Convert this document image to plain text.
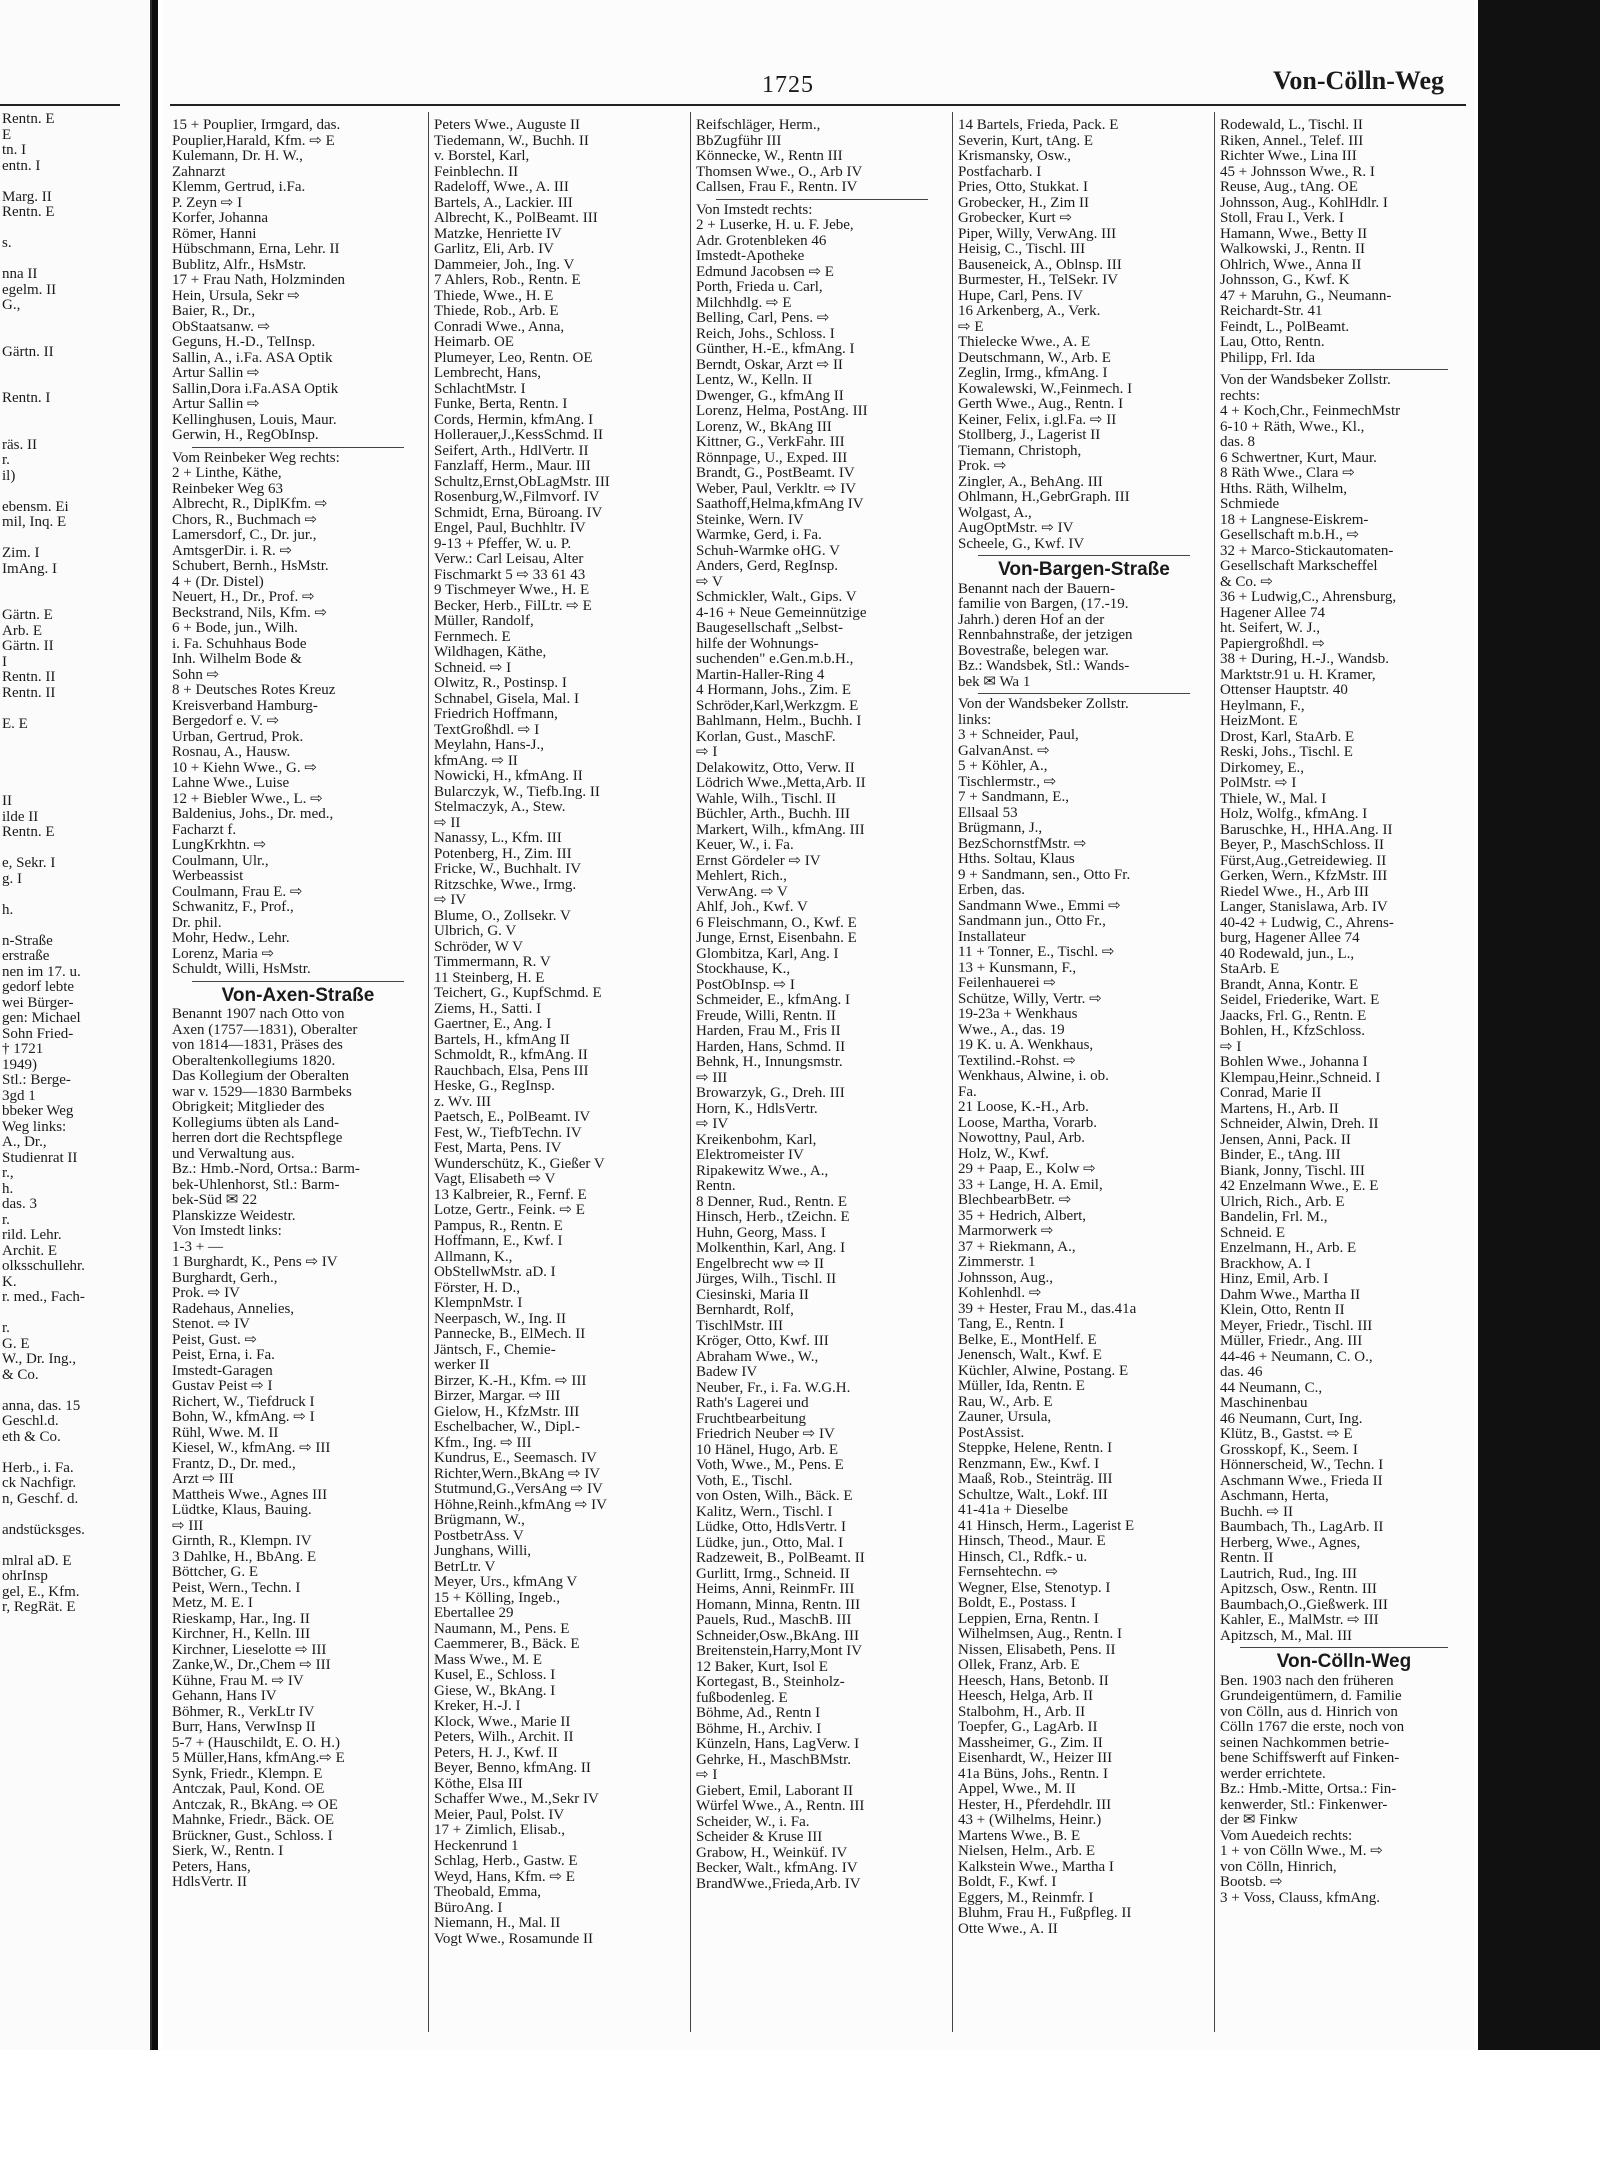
Rentn. E
E
tn. I
entn. I

Marg. II
Rentn. E

s.

nna II
egelm. II
G.,

Gärtn. II

Rentn. I

räs. II
r.
il)

ebensm. Ei
mil, Inq. E

Zim. I
ImAng. I

Gärtn. E
Arb. E
Gärtn. II
I
Rentn. II
Rentn. II

E. E

II
ilde II
Rentn. E

e, Sekr. I
g. I

h.

n-Straße
erstraße
nen im 17. u.
gedorf lebte
wei Bürger-
gen: Michael
Sohn Fried-
† 1721
1949)
Stl.: Berge-
3gd 1
bbeker Weg
Weg links:
A., Dr.,
Studienrat II
r.,
h.
das. 3
r.
rild. Lehr.
Archit. E
olksschullehr.
K.
r. med., Fach-

r.
G. E
W., Dr. Ing.,
& Co.

anna, das. 15
Geschl.d.
eth & Co.

Herb., i. Fa.
ck Nachfigr.
n, Geschf. d.

andstücksges.

mlral aD. E
ohrInsp
gel, E., Kfm.
r, RegRät. E
1725	Von-Cölln-Weg
15 + Pouplier, Irmgard, das.
Pouplier,Harald, Kfm. ⇨ E
Kulemann, Dr. H. W.,
Zahnarzt
Klemm, Gertrud, i.Fa.
P. Zeyn ⇨ I
Korfer, Johanna
Römer, Hanni
Hübschmann, Erna, Lehr. II
Bublitz, Alfr., HsMstr.
17 + Frau Nath, Holzminden
Hein, Ursula, Sekr ⇨
Baier, R., Dr.,
ObStaatsanw. ⇨
Geguns, H.-D., TelInsp.
Sallin, A., i.Fa. ASA Optik
Artur Sallin ⇨
Sallin,Dora i.Fa.ASA Optik
Artur Sallin ⇨
Kellinghusen, Louis, Maur.
Gerwin, H., RegObInsp.
Vom Reinbeker Weg rechts:
2 + Linthe, Käthe,
Reinbeker Weg 63
Albrecht, R., DiplKfm. ⇨
Chors, R., Buchmach ⇨
Lamersdorf, C., Dr. jur.,
AmtsgerDir. i. R. ⇨
Schubert, Bernh., HsMstr.
4 + (Dr. Distel)
Neuert, H., Dr., Prof. ⇨
Beckstrand, Nils, Kfm. ⇨
6 + Bode, jun., Wilh.
i. Fa. Schuhhaus Bode
Inh. Wilhelm Bode &
Sohn ⇨
8 + Deutsches Rotes Kreuz
Kreisverband Hamburg-
Bergedorf e. V. ⇨
Urban, Gertrud, Prok.
Rosnau, A., Hausw.
10 + Kiehn Wwe., G. ⇨
Lahne Wwe., Luise
12 + Biebler Wwe., L. ⇨
Baldenius, Johs., Dr. med.,
Facharzt f.
LungKrkhtn. ⇨
Coulmann, Ulr.,
Werbeassist
Coulmann, Frau E. ⇨
Schwanitz, F., Prof.,
Dr. phil.
Mohr, Hedw., Lehr.
Lorenz, Maria ⇨
Schuldt, Willi, HsMstr.
Von-Axen-Straße
Benannt 1907 nach Otto von
Axen (1757—1831), Oberalter
von 1814—1831, Präses des
Oberaltenkollegiums 1820.
Das Kollegium der Oberalten
war v. 1529—1830 Barmbeks
Obrigkeit; Mitglieder des
Kollegiums übten als Land-
herren dort die Rechtspflege
und Verwaltung aus.
Bz.: Hmb.-Nord, Ortsa.: Barm-
bek-Uhlenhorst, Stl.: Barm-
bek-Süd ✉ 22
Planskizze Weidestr.
Von Imstedt links:
1-3 + —
1 Burghardt, K., Pens ⇨ IV
Burghardt, Gerh.,
Prok. ⇨ IV
Radehaus, Annelies,
Stenot. ⇨ IV
Peist, Gust. ⇨
Peist, Erna, i. Fa.
Imstedt-Garagen
Gustav Peist ⇨ I
Richert, W., Tiefdruck I
Bohn, W., kfmAng. ⇨ I
Rühl, Wwe. M. II
Kiesel, W., kfmAng. ⇨ III
Frantz, D., Dr. med.,
Arzt ⇨ III
Mattheis Wwe., Agnes III
Lüdtke, Klaus, Bauing.
⇨ III
Girnth, R., Klempn. IV
3 Dahlke, H., BbAng. E
Böttcher, G. E
Peist, Wern., Techn. I
Metz, M. E. I
Rieskamp, Har., Ing. II
Kirchner, H., Kelln. III
Kirchner, Lieselotte ⇨ III
Zanke,W., Dr.,Chem ⇨ III
Kühne, Frau M. ⇨ IV
Gehann, Hans IV
Böhmer, R., VerkLtr IV
Burr, Hans, VerwInsp II
5-7 + (Hauschildt, E. O. H.)
5 Müller,Hans, kfmAng.⇨ E
Synk, Friedr., Klempn. E
Antczak, Paul, Kond. OE
Antczak, R., BkAng. ⇨ OE
Mahnke, Friedr., Bäck. OE
Brückner, Gust., Schloss. I
Sierk, W., Rentn. I
Peters, Hans,
HdlsVertr. II
Peters Wwe., Auguste II
Tiedemann, W., Buchh. II
v. Borstel, Karl,
Feinblechn. II
Radeloff, Wwe., A. III
Bartels, A., Lackier. III
Albrecht, K., PolBeamt. III
Matzke, Henriette IV
Garlitz, Eli, Arb. IV
Dammeier, Joh., Ing. V
7 Ahlers, Rob., Rentn. E
Thiede, Wwe., H. E
Thiede, Rob., Arb. E
Conradi Wwe., Anna,
Heimarb. OE
Plumeyer, Leo, Rentn. OE
Lembrecht, Hans,
SchlachtMstr. I
Funke, Berta, Rentn. I
Cords, Hermin, kfmAng. I
Hollerauer,J.,KessSchmd. II
Seifert, Arth., HdlVertr. II
Fanzlaff, Herm., Maur. III
Schultz,Ernst,ObLagMstr. III
Rosenburg,W.,Filmvorf. IV
Schmidt, Erna, Büroang. IV
Engel, Paul, Buchhltr. IV
9-13 + Pfeffer, W. u. P.
Verw.: Carl Leisau, Alter
Fischmarkt 5 ⇨ 33 61 43
9 Tischmeyer Wwe., H. E
Becker, Herb., FilLtr. ⇨ E
Müller, Randolf,
Fernmech. E
Wildhagen, Käthe,
Schneid. ⇨ I
Olwitz, R., Postinsp. I
Schnabel, Gisela, Mal. I
Friedrich Hoffmann,
TextGroßhdl. ⇨ I
Meylahn, Hans-J.,
kfmAng. ⇨ II
Nowicki, H., kfmAng. II
Bularczyk, W., Tiefb.Ing. II
Stelmaczyk, A., Stew.
⇨ II
Nanassy, L., Kfm. III
Potenberg, H., Zim. III
Fricke, W., Buchhalt. IV
Ritzschke, Wwe., Irmg.
⇨ IV
Blume, O., Zollsekr. V
Ulbrich, G. V
Schröder, W V
Timmermann, R. V
11 Steinberg, H. E
Teichert, G., KupfSchmd. E
Ziems, H., Satti. I
Gaertner, E., Ang. I
Bartels, H., kfmAng II
Schmoldt, R., kfmAng. II
Rauchbach, Elsa, Pens III
Heske, G., RegInsp.
z. Wv. III
Paetsch, E., PolBeamt. IV
Fest, W., TiefbTechn. IV
Fest, Marta, Pens. IV
Wunderschütz, K., Gießer V
Vagt, Elisabeth ⇨ V
13 Kalbreier, R., Fernf. E
Lotze, Gertr., Feink. ⇨ E
Pampus, R., Rentn. E
Hoffmann, E., Kwf. I
Allmann, K.,
ObStellwMstr. aD. I
Förster, H. D.,
KlempnMstr. I
Neerpasch, W., Ing. II
Pannecke, B., ElMech. II
Jäntsch, F., Chemie-
werker II
Birzer, K.-H., Kfm. ⇨ III
Birzer, Margar. ⇨ III
Gielow, H., KfzMstr. III
Eschelbacher, W., Dipl.-
Kfm., Ing. ⇨ III
Kundrus, E., Seemasch. IV
Richter,Wern.,BkAng ⇨ IV
Stutmund,G.,VersAng ⇨ IV
Höhne,Reinh.,kfmAng ⇨ IV
Brügmann, W.,
PostbetrAss. V
Junghans, Willi,
BetrLtr. V
Meyer, Urs., kfmAng V
15 + Kölling, Ingeb.,
Ebertallee 29
Naumann, M., Pens. E
Caemmerer, B., Bäck. E
Mass Wwe., M. E
Kusel, E., Schloss. I
Giese, W., BkAng. I
Kreker, H.-J. I
Klock, Wwe., Marie II
Peters, Wilh., Archit. II
Peters, H. J., Kwf. II
Beyer, Benno, kfmAng. II
Köthe, Elsa III
Schaffer Wwe., M.,Sekr IV
Meier, Paul, Polst. IV
17 + Zimlich, Elisab.,
Heckenrund 1
Schlag, Herb., Gastw. E
Weyd, Hans, Kfm. ⇨ E
Theobald, Emma,
BüroAng. I
Niemann, H., Mal. II
Vogt Wwe., Rosamunde II
Reifschläger, Herm.,
BbZugführ III
Könnecke, W., Rentn III
Thomsen Wwe., O., Arb IV
Callsen, Frau F., Rentn. IV
Von Imstedt rechts:
2 + Luserke, H. u. F. Jebe,
Adr. Grotenbleken 46
Imstedt-Apotheke
Edmund Jacobsen ⇨ E
Porth, Frieda u. Carl,
Milchhdlg. ⇨ E
Belling, Carl, Pens. ⇨
Reich, Johs., Schloss. I
Günther, H.-E., kfmAng. I
Berndt, Oskar, Arzt ⇨ II
Lentz, W., Kelln. II
Dwenger, G., kfmAng II
Lorenz, Helma, PostAng. III
Lorenz, W., BkAng III
Kittner, G., VerkFahr. III
Rönnpage, U., Exped. III
Brandt, G., PostBeamt. IV
Weber, Paul, Verkltr. ⇨ IV
Saathoff,Helma,kfmAng IV
Steinke, Wern. IV
Warmke, Gerd, i. Fa.
Schuh-Warmke oHG. V
Anders, Gerd, RegInsp.
⇨ V
Schmickler, Walt., Gips. V
4-16 + Neue Gemeinnützige
Baugesellschaft „Selbst-
hilfe der Wohnungs-
suchenden" e.Gen.m.b.H.,
Martin-Haller-Ring 4
4 Hormann, Johs., Zim. E
Schröder,Karl,Werkzgm. E
Bahlmann, Helm., Buchh. I
Korlan, Gust., MaschF.
⇨ I
Delakowitz, Otto, Verw. II
Lödrich Wwe.,Metta,Arb. II
Wahle, Wilh., Tischl. II
Büchler, Arth., Buchh. III
Markert, Wilh., kfmAng. III
Keuer, W., i. Fa.
Ernst Gördeler ⇨ IV
Mehlert, Rich.,
VerwAng. ⇨ V
Ahlf, Joh., Kwf. V
6 Fleischmann, O., Kwf. E
Junge, Ernst, Eisenbahn. E
Glombitza, Karl, Ang. I
Stockhause, K.,
PostObInsp. ⇨ I
Schmeider, E., kfmAng. I
Freude, Willi, Rentn. II
Harden, Frau M., Fris II
Harden, Hans, Schmd. II
Behnk, H., Innungsmstr.
⇨ III
Browarzyk, G., Dreh. III
Horn, K., HdlsVertr.
⇨ IV
Kreikenbohm, Karl,
Elektromeister IV
Ripakewitz Wwe., A.,
Rentn.
8 Denner, Rud., Rentn. E
Hinsch, Herb., tZeichn. E
Huhn, Georg, Mass. I
Molkenthin, Karl, Ang. I
Engelbrecht ww ⇨ II
Jürges, Wilh., Tischl. II
Ciesinski, Maria II
Bernhardt, Rolf,
TischlMstr. III
Kröger, Otto, Kwf. III
Abraham Wwe., W.,
Badew IV
Neuber, Fr., i. Fa. W.G.H.
Rath's Lagerei und
Fruchtbearbeitung
Friedrich Neuber ⇨ IV
10 Hänel, Hugo, Arb. E
Voth, Wwe., M., Pens. E
Voth, E., Tischl.
von Osten, Wilh., Bäck. E
Kalitz, Wern., Tischl. I
Lüdke, Otto, HdlsVertr. I
Lüdke, jun., Otto, Mal. I
Radzeweit, B., PolBeamt. II
Gurlitt, Irmg., Schneid. II
Heims, Anni, ReinmFr. III
Homann, Minna, Rentn. III
Pauels, Rud., MaschB. III
Schneider,Osw.,BkAng. III
Breitenstein,Harry,Mont IV
12 Baker, Kurt, Isol E
Kortegast, B., Steinholz-
fußbodenleg. E
Böhme, Ad., Rentn I
Böhme, H., Archiv. I
Künzeln, Hans, LagVerw. I
Gehrke, H., MaschBMstr.
⇨ I
Giebert, Emil, Laborant II
Würfel Wwe., A., Rentn. III
Scheider, W., i. Fa.
Scheider & Kruse III
Grabow, H., Weinküf. IV
Becker, Walt., kfmAng. IV
BrandWwe.,Frieda,Arb. IV
14 Bartels, Frieda, Pack. E
Severin, Kurt, tAng. E
Krismansky, Osw.,
Postfacharb. I
Pries, Otto, Stukkat. I
Grobecker, H., Zim II
Grobecker, Kurt ⇨
Piper, Willy, VerwAng. III
Heisig, C., Tischl. III
Bauseneick, A., Oblnsp. III
Burmester, H., TelSekr. IV
Hupe, Carl, Pens. IV
16 Arkenberg, A., Verk.
⇨ E
Thielecke Wwe., A. E
Deutschmann, W., Arb. E
Zeglin, Irmg., kfmAng. I
Kowalewski, W.,Feinmech. I
Gerth Wwe., Aug., Rentn. I
Keiner, Felix, i.gl.Fa. ⇨ II
Stollberg, J., Lagerist II
Tiemann, Christoph,
Prok. ⇨
Zingler, A., BehAng. III
Ohlmann, H.,GebrGraph. III
Wolgast, A.,
AugOptMstr. ⇨ IV
Scheele, G., Kwf. IV
Von-Bargen-Straße
Benannt nach der Bauern-
familie von Bargen, (17.-19.
Jahrh.) deren Hof an der
Rennbahnstraße, der jetzigen
Bovestraße, belegen war.
Bz.: Wandsbek, Stl.: Wands-
bek ✉ Wa 1
Von der Wandsbeker Zollstr.
links:
3 + Schneider, Paul,
GalvanAnst. ⇨
5 + Köhler, A.,
Tischlermstr., ⇨
7 + Sandmann, E.,
Ellsaal 53
Brügmann, J.,
BezSchornstfMstr. ⇨
Hths. Soltau, Klaus
9 + Sandmann, sen., Otto Fr.
Erben, das.
Sandmann Wwe., Emmi ⇨
Sandmann jun., Otto Fr.,
Installateur
11 + Tonner, E., Tischl. ⇨
13 + Kunsmann, F.,
Feilenhauerei ⇨
Schütze, Willy, Vertr. ⇨
19-23a + Wenkhaus
Wwe., A., das. 19
19 K. u. A. Wenkhaus,
Textilind.-Rohst. ⇨
Wenkhaus, Alwine, i. ob.
Fa.
21 Loose, K.-H., Arb.
Loose, Martha, Vorarb.
Nowottny, Paul, Arb.
Holz, W., Kwf.
29 + Paap, E., Kolw ⇨
33 + Lange, H. A. Emil,
BlechbearbBetr. ⇨
35 + Hedrich, Albert,
Marmorwerk ⇨
37 + Riekmann, A.,
Zimmerstr. 1
Johnsson, Aug.,
Kohlenhdl. ⇨
39 + Hester, Frau M., das.41a
Tang, E., Rentn. I
Belke, E., MontHelf. E
Jenensch, Walt., Kwf. E
Küchler, Alwine, Postang. E
Müller, Ida, Rentn. E
Rau, W., Arb. E
Zauner, Ursula,
PostAssist.
Steppke, Helene, Rentn. I
Renzmann, Ew., Kwf. I
Maaß, Rob., Steinträg. III
Schultze, Walt., Lokf. III
41-41a + Dieselbe
41 Hinsch, Herm., Lagerist E
Hinsch, Theod., Maur. E
Hinsch, Cl., Rdfk.- u.
Fernsehtechn. ⇨
Wegner, Else, Stenotyp. I
Boldt, E., Postass. I
Leppien, Erna, Rentn. I
Wilhelmsen, Aug., Rentn. I
Nissen, Elisabeth, Pens. II
Ollek, Franz, Arb. E
Heesch, Hans, Betonb. II
Heesch, Helga, Arb. II
Stalbohm, H., Arb. II
Toepfer, G., LagArb. II
Massheimer, G., Zim. II
Eisenhardt, W., Heizer III
41a Büns, Johs., Rentn. I
Appel, Wwe., M. II
Hester, H., Pferdehdlr. III
43 + (Wilhelms, Heinr.)
Martens Wwe., B. E
Nielsen, Helm., Arb. E
Kalkstein Wwe., Martha I
Boldt, F., Kwf. I
Eggers, M., Reinmfr. I
Bluhm, Frau H., Fußpfleg. II
Otte Wwe., A. II
Rodewald, L., Tischl. II
Riken, Annel., Telef. III
Richter Wwe., Lina III
45 + Johnsson Wwe., R. I
Reuse, Aug., tAng. OE
Johnsson, Aug., KohlHdlr. I
Stoll, Frau I., Verk. I
Hamann, Wwe., Betty II
Walkowski, J., Rentn. II
Ohlrich, Wwe., Anna II
Johnsson, G., Kwf. K
47 + Maruhn, G., Neumann-
Reichardt-Str. 41
Feindt, L., PolBeamt.
Lau, Otto, Rentn.
Philipp, Frl. Ida
Von der Wandsbeker Zollstr.
rechts:
4 + Koch,Chr., FeinmechMstr
6-10 + Räth, Wwe., Kl.,
das. 8
6 Schwertner, Kurt, Maur.
8 Räth Wwe., Clara ⇨
Hths. Räth, Wilhelm,
Schmiede
18 + Langnese-Eiskrem-
Gesellschaft m.b.H., ⇨
32 + Marco-Stickautomaten-
Gesellschaft Markscheffel
& Co. ⇨
36 + Ludwig,C., Ahrensburg,
Hagener Allee 74
ht. Seifert, W. J.,
Papiergroßhdl. ⇨
38 + During, H.-J., Wandsb.
Marktstr.91 u. H. Kramer,
Ottenser Hauptstr. 40
Heylmann, F.,
HeizMont. E
Drost, Karl, StaArb. E
Reski, Johs., Tischl. E
Dirkomey, E.,
PolMstr. ⇨ I
Thiele, W., Mal. I
Holz, Wolfg., kfmAng. I
Baruschke, H., HHA.Ang. II
Beyer, P., MaschSchloss. II
Fürst,Aug.,Getreidewieg. II
Gerken, Wern., KfzMstr. III
Riedel Wwe., H., Arb III
Langer, Stanislawa, Arb. IV
40-42 + Ludwig, C., Ahrens-
burg, Hagener Allee 74
40 Rodewald, jun., L.,
StaArb. E
Brandt, Anna, Kontr. E
Seidel, Friederike, Wart. E
Jaacks, Frl. G., Rentn. E
Bohlen, H., KfzSchloss.
⇨ I
Bohlen Wwe., Johanna I
Klempau,Heinr.,Schneid. I
Conrad, Marie II
Martens, H., Arb. II
Schneider, Alwin, Dreh. II
Jensen, Anni, Pack. II
Binder, E., tAng. III
Biank, Jonny, Tischl. III
42 Enzelmann Wwe., E. E
Ulrich, Rich., Arb. E
Bandelin, Frl. M.,
Schneid. E
Enzelmann, H., Arb. E
Brackhow, A. I
Hinz, Emil, Arb. I
Dahm Wwe., Martha II
Klein, Otto, Rentn II
Meyer, Friedr., Tischl. III
Müller, Friedr., Ang. III
44-46 + Neumann, C. O.,
das. 46
44 Neumann, C.,
Maschinenbau
46 Neumann, Curt, Ing.
Klütz, B., Gastst. ⇨ E
Grosskopf, K., Seem. I
Hönnerscheid, W., Techn. I
Aschmann Wwe., Frieda II
Aschmann, Herta,
Buchh. ⇨ II
Baumbach, Th., LagArb. II
Herberg, Wwe., Agnes,
Rentn. II
Lautrich, Rud., Ing. III
Apitzsch, Osw., Rentn. III
Baumbach,O.,Gießwerk. III
Kahler, E., MalMstr. ⇨ III
Apitzsch, M., Mal. III
Von-Cölln-Weg
Ben. 1903 nach den früheren
Grundeigentümern, d. Familie
von Cölln, aus d. Hinrich von
Cölln 1767 die erste, noch von
seinen Nachkommen betrie-
bene Schiffswerft auf Finken-
werder errichtete.
Bz.: Hmb.-Mitte, Ortsa.: Fin-
kenwerder, Stl.: Finkenwer-
der ✉ Finkw
Vom Auedeich rechts:
1 + von Cölln Wwe., M. ⇨
von Cölln, Hinrich,
Bootsb. ⇨
3 + Voss, Clauss, kfmAng.
